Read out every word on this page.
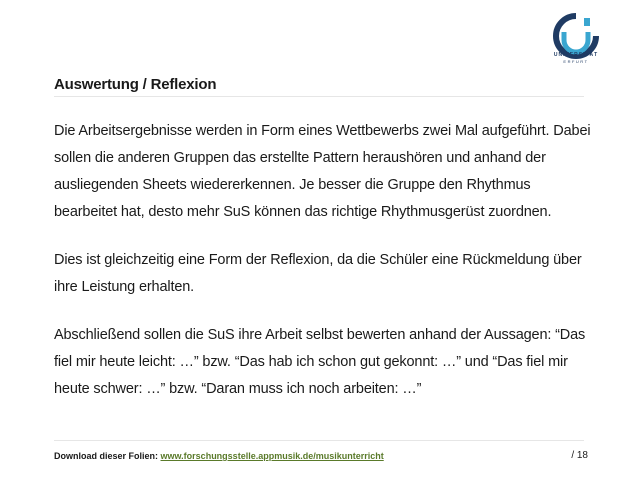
UNIVERSITÄT
ERFURT
Auswertung / Reflexion

Die Arbeitsergebnisse werden in Form eines Wettbewerbs zwei Mal aufgeführt. Dabei sollen die anderen Gruppen das erstellte Pattern heraushören und anhand der ausliegenden Sheets wiedererkennen. Je besser die Gruppe den Rhythmus bearbeitet hat, desto mehr SuS können das richtige Rhythmusgerüst zuordnen.

Dies ist gleichzeitig eine Form der Reflexion, da die Schüler eine Rückmeldung über ihre Leistung erhalten.

Abschließend sollen die SuS ihre Arbeit selbst bewerten anhand der Aussagen: “Das fiel mir heute leicht: …” bzw. “Das hab ich schon gut gekonnt: …” und “Das fiel mir heute schwer: …” bzw. “Daran muss ich noch arbeiten: …”

Download dieser Folien: www.forschungsstelle.appmusik.de/musikunterricht	/ 18
